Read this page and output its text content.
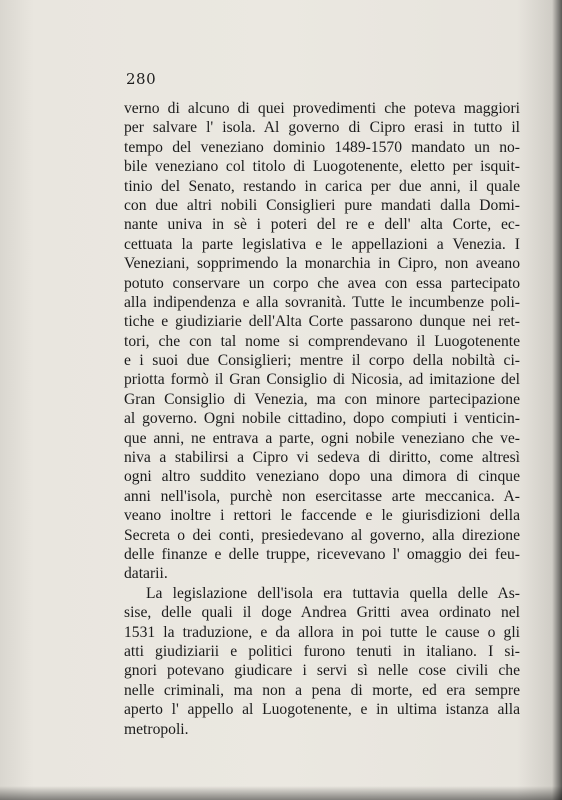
280
verno di alcuno di quei provedimenti che poteva maggiori
per salvare l' isola. Al governo di Cipro erasi in tutto il
tempo del veneziano dominio 1489-1570 mandato un no-
bile veneziano col titolo di Luogotenente, eletto per isquit-
tinio del Senato, restando in carica per due anni, il quale
con due altri nobili Consiglieri pure mandati dalla Domi-
nante univa in sè i poteri del re e dell' alta Corte, ec-
cettuata la parte legislativa e le appellazioni a Venezia. I
Veneziani, sopprimendo la monarchia in Cipro, non aveano
potuto conservare un corpo che avea con essa partecipato
alla indipendenza e alla sovranità. Tutte le incumbenze poli-
tiche e giudiziarie dell'Alta Corte passarono dunque nei ret-
tori, che con tal nome si comprendevano il Luogotenente
e i suoi due Consiglieri; mentre il corpo della nobiltà ci-
priotta formò il Gran Consiglio di Nicosia, ad imitazione del
Gran Consiglio di Venezia, ma con minore partecipazione
al governo. Ogni nobile cittadino, dopo compiuti i venticin-
que anni, ne entrava a parte, ogni nobile veneziano che ve-
niva a stabilirsi a Cipro vi sedeva di diritto, come altresì
ogni altro suddito veneziano dopo una dimora di cinque
anni nell'isola, purchè non esercitasse arte meccanica. A-
veano inoltre i rettori le faccende e le giurisdizioni della
Secreta o dei conti, presiedevano al governo, alla direzione
delle finanze e delle truppe, ricevevano l' omaggio dei feu-
datarii.
La legislazione dell'isola era tuttavia quella delle As-
sise, delle quali il doge Andrea Gritti avea ordinato nel
1531 la traduzione, e da allora in poi tutte le cause o gli
atti giudiziarii e politici furono tenuti in italiano. I si-
gnori potevano giudicare i servi sì nelle cose civili che
nelle criminali, ma non a pena di morte, ed era sempre
aperto l' appello al Luogotenente, e in ultima istanza alla
metropoli.
